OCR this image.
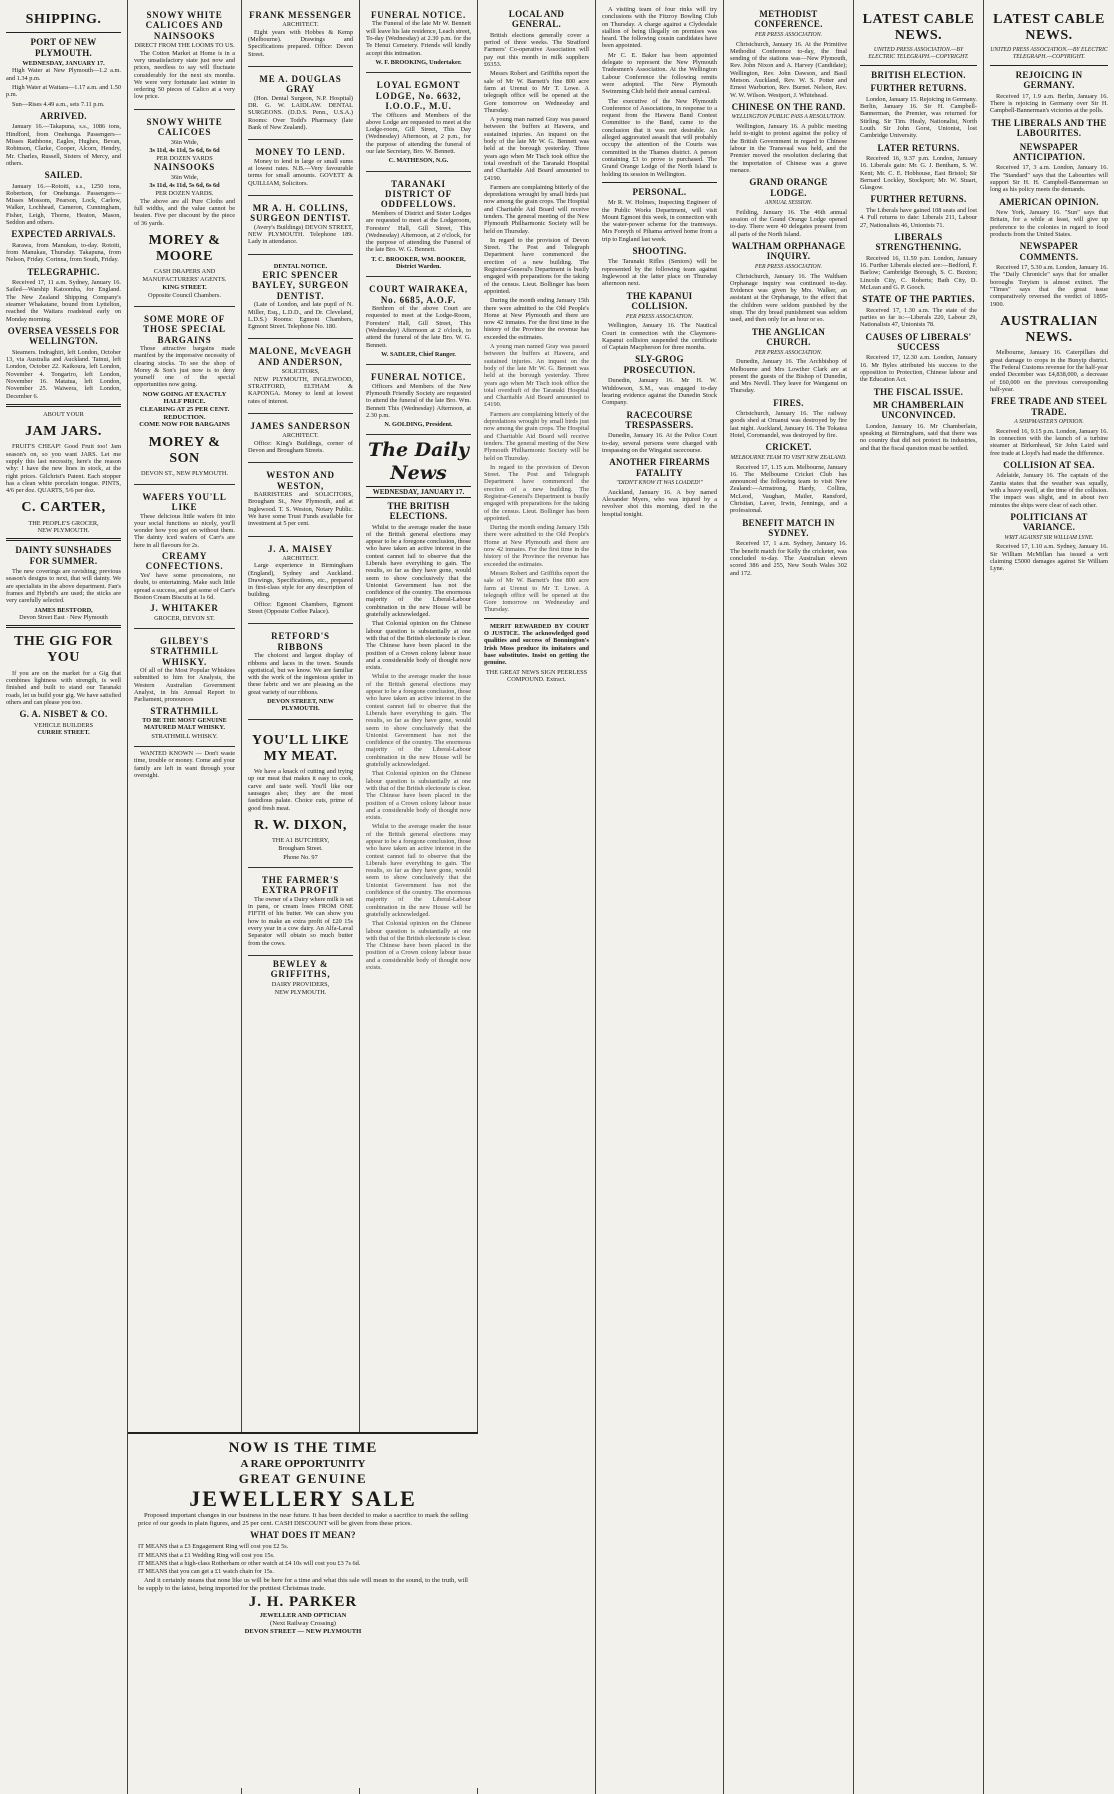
SHIPPING.
PORT OF NEW PLYMOUTH.
WEDNESDAY, JANUARY 17.
High Water at New Plymouth—1.2 a.m. and 1.34 p.m.
High Water at Waitara—1.17 a.m. and 1.50 p.m.
Sun—Rises 4.49 a.m., sets 7.11 p.m.
ARRIVED.
January 16.—Takapuna, s.s., 1086 tons, Hindford, from Onehunga. Passengers—Misses Rathbone, Eagles, Hughes, Bevan, Robinson, Clarke, Cooper, Alcorn, Hendry, Mr. Charles, Russell, Sisters of Mercy, and others.
SAILED.
January 16.—Rotoiti, s.s., 1250 tons, Robertson, for Onehunga. Passengers—Misses Mossom, Pearson, Lock, Carlow, Walker, Lochhead, Cameron, Cunningham, Fisher, Leigh, Thorne, Heaton, Mason, Seddon and others.
EXPECTED ARRIVALS.
Rarawa, from Manukau, to-day. Rotoiti, from Manukau, Thursday. Takapuna, from Nelson, Friday. Corinna, from South, Friday.
TELEGRAPHIC.
Received 17, 11 a.m. Sydney, January 16. Sailed—Warship Katoomba, for England. The New Zealand Shipping Company's steamer Whakatane, bound from Lyttelton, reached the Waitara roadstead early on Monday morning.
OVERSEA VESSELS FOR WELLINGTON.
Steamers. Indraghiri, left London, October 13, via Australia and Auckland. Tainui, left London, October 22. Kaikoura, left London, November 4. Tongariro, left London, November 16. Matatua, left London, November 25. Waiwera, left London, December 6.
ABOUT YOUR
JAM JARS.
FRUIT'S CHEAP! Good Fruit too! Jam season's on, so you want JARS. Let me supply this last necessity, here's the reason why: I have the new lines in stock, at the right prices. Gilchrist's Patent. Each stopper has a clean white porcelain tongue. PINTS, 4/6 per doz. QUARTS, 5/6 per doz.
C. CARTER,
THE PEOPLE'S GROCER,
NEW PLYMOUTH.
DAINTY SUNSHADES FOR SUMMER.
The new coverings are ravishing; previous season's designs to next, that will dainty. We are specialists in the above department. Fan's frames and Hybrid's are used; the sticks are very carefully selected.
JAMES BESTFORD,
Devon Street East · New Plymouth
THE GIG FOR YOU
If you are on the market for a Gig that combines lightness with strength, is well finished and built to stand our Taranaki roads, let us build your gig. We have satisfied others and can please you too.
G. A. NISBET & CO.
VEHICLE BUILDERS
CURRIE STREET.
SNOWY WHITE CALICOES AND NAINSOOKS
DIRECT FROM THE LOOMS TO US.
The Cotton Market at Home is in a very unsatisfactory state just now and prices, needless to say will fluctuate considerably for the next six months. We were very fortunate last winter in ordering 50 pieces of Calico at a very low price.
SNOWY WHITE CALICOES
36in Wide,
3s 11d, 4s 11d, 5s 6d, 6s 6d
PER DOZEN YARDS
NAINSOOKS
36in Wide,
3s 11d, 4s 11d, 5s 6d, 6s 6d
PER DOZEN YARDS.
The above are all Pure Cloths and full widths, and the value cannot be beaten. Five per discount by the piece of 36 yards.
MOREY & MOORE
CASH DRAPERS AND MANUFACTURERS' AGENTS.
KING STREET.
Opposite Council Chambers.
SOME MORE OF THOSE SPECIAL BARGAINS
Those attractive bargains made manifest by the impressive necessity of clearing stocks. To see the shop of Morey & Son's just now is to deny yourself one of the special opportunities now going.
NOW GOING AT EXACTLY HALF PRICE.
CLEARING AT 25 PER CENT. REDUCTION.
COME NOW FOR BARGAINS
MOREY & SON
DEVON ST., NEW PLYMOUTH.
WAFERS YOU'LL LIKE
These delicious little wafers fit into your social functions so nicely, you'll wonder how you got on without them. The dainty iced wafers of Carr's are here in all flavours for 2s.
CREAMY CONFECTIONS.
Yes' have some processions, no doubt, to entertaining. Make such little spread a success, and get some of Carr's Boston Cream Biscuits at 1s 6d.
J. WHITAKER
GROCER, DEVON ST.
GILBEY'S STRATHMILL WHISKY.
Of all of the Most Popular Whiskies submitted to him for Analysis, the Western Australian Government Analyst, in his Annual Report to Parliament, pronounces
STRATHMILL
TO BE THE MOST GENUINE MATURED MALT WHISKY.
STRATHMILL WHISKY.
WANTED KNOWN — Don't waste time, trouble or money. Come and your family are left in want through your oversight.
FRANK MESSENGER
ARCHITECT.
Eight years with Hobbes & Kemp (Melbourne). Drawings and Specifications prepared. Office: Devon Street.
ME A. DOUGLAS GRAY
(Hon. Dental Surgeon, N.P. Hospital) DR. G. W. LAIDLAW. DENTAL SURGEONS. (D.D.S. Penn., U.S.A.) Rooms: Over Todd's Pharmacy (late Bank of New Zealand).
MONEY TO LEND.
Money to lend in large or small sums at lowest rates. N.B.—Very favourable terms for small amounts. GOVETT & QUILLIAM, Solicitors.
MR A. H. COLLINS, SURGEON DENTIST.
(Avery's Buildings) DEVON STREET, NEW PLYMOUTH. Telephone 189. Lady in attendance.
DENTAL NOTICE.
ERIC SPENCER BAYLEY, SURGEON DENTIST.
(Late of London, and late pupil of N. Miller, Esq., L.D.D., and Dr. Cleveland, L.D.S.) Rooms: Egmont Chambers, Egmont Street. Telephone No. 180.
MALONE, McVEAGH AND ANDERSON,
SOLICITORS,
NEW PLYMOUTH, INGLEWOOD, STRATFORD, ELTHAM & KAPONGA. Money to lend at lowest rates of interest.
JAMES SANDERSON
ARCHITECT.
Office: King's Buildings, corner of Devon and Brougham Streets.
WESTON AND WESTON,
BARRISTERS and SOLICITORS, Brougham St., New Plymouth, and at Inglewood. T. S. Weston, Notary Public. We have some Trust Funds available for investment at 5 per cent.
J. A. MAISEY
ARCHITECT.
Large experience in Birmingham (England), Sydney and Auckland. Drawings, Specifications, etc., prepared in first-class style for any description of building.
Office: Egmont Chambers, Egmont Street (Opposite Coffee Palace).
RETFORD'S RIBBONS
The choicest and largest display of ribbons and laces in the town. Sounds egotistical, but we know. We are familiar with the work of the ingenious spider in these fabric and we are pleasing as the great variety of our ribbons.
DEVON STREET, NEW PLYMOUTH.
YOU'LL LIKE MY MEAT.
We have a knack of cutting and trying up our meat that makes it easy to cook, carve and taste well. You'll like our sausages also; they are the most fastidious palate. Choice cuts, prime of good fresh meat.
R. W. DIXON,
THE A1 BUTCHERY,
Brougham Street.
Phone No. 97
THE FARMER'S EXTRA PROFIT
The owner of a Dairy where milk is set in pans, or cream loses FROM ONE FIFTH of his butter. We can show you how to make an extra profit of £20 15s every year in a cow dairy. An Alfa-Laval Separator will obtain so much butter from the cows.
BEWLEY & GRIFFITHS,
DAIRY PROVIDERS,
NEW PLYMOUTH.
FUNERAL NOTICE.
The Funeral of the late Mr W. Bennett will leave his late residence, Leach street, To-day (Wednesday) at 2.30 p.m. for the Te Henui Cemetery. Friends will kindly accept this intimation.
W. F. BROOKING, Undertaker.
LOYAL EGMONT LODGE, No. 6632, I.O.O.F., M.U.
The Officers and Members of the above Lodge are requested to meet at the Lodge-room, Gill Street, This Day (Wednesday) Afternoon, at 2 p.m., for the purpose of attending the funeral of our late Secretary, Bro. W. Bennett.
C. MATHESON, N.G.
TARANAKI DISTRICT OF ODDFELLOWS.
Members of District and Sister Lodges are requested to meet at the Lodgeroom, Foresters' Hall, Gill Street, This (Wednesday) Afternoon, at 2 o'clock, for the purpose of attending the Funeral of the late Bro. W. G. Bennett.
T. C. BROOKER, WM. BOOKER, District Warden.
COURT WAIRAKEA, No. 6685, A.O.F.
Brethren of the above Court are requested to meet at the Lodge-Room, Foresters' Hall, Gill Street, This (Wednesday) Afternoon at 2 o'clock, to attend the funeral of the late Bro. W. G. Bennett.
W. SADLER, Chief Ranger.
FUNERAL NOTICE.
Officers and Members of the New Plymouth Friendly Society are requested to attend the funeral of the late Bro. Wm. Bennett This (Wednesday) Afternoon, at 2.30 p.m.
N. GOLDING, President.
The Daily News
WEDNESDAY, JANUARY 17.
THE BRITISH ELECTIONS.
Whilst to the average reader the issue of the British general elections may appear to be a foregone conclusion, those who have taken an active interest in the contest cannot fail to observe that the Liberals have everything to gain. The results, so far as they have gone, would seem to show conclusively that the Unionist Government has not the confidence of the country. The enormous majority of the Liberal-Labour combination in the new House will be gratefully acknowledged.
That Colonial opinion on the Chinese labour question is substantially at one with that of the British electorate is clear. The Chinese have been placed in the position of a Crown colony labour issue and a considerable body of thought now exists.
Whilst to the average reader the issue of the British general elections may appear to be a foregone conclusion, those who have taken an active interest in the contest cannot fail to observe that the Liberals have everything to gain. The results, so far as they have gone, would seem to show conclusively that the Unionist Government has not the confidence of the country. The enormous majority of the Liberal-Labour combination in the new House will be gratefully acknowledged.
That Colonial opinion on the Chinese labour question is substantially at one with that of the British electorate is clear. The Chinese have been placed in the position of a Crown colony labour issue and a considerable body of thought now exists.
Whilst to the average reader the issue of the British general elections may appear to be a foregone conclusion, those who have taken an active interest in the contest cannot fail to observe that the Liberals have everything to gain. The results, so far as they have gone, would seem to show conclusively that the Unionist Government has not the confidence of the country. The enormous majority of the Liberal-Labour combination in the new House will be gratefully acknowledged.
That Colonial opinion on the Chinese labour question is substantially at one with that of the British electorate is clear. The Chinese have been placed in the position of a Crown colony labour issue and a considerable body of thought now exists.
LOCAL AND GENERAL.
British elections generally cover a period of three weeks. The Stratford Farmers' Co-operative Association will pay out this month in milk suppliers £6353.
Messrs Robert and Griffiths report the sale of Mr W. Barnett's fine 800 acre farm at Urenui to Mr T. Lowe. A telegraph office will be opened at the Gore tomorrow on Wednesday and Thursday.
A young man named Gray was passed between the buffers at Hawera, and sustained injuries. An inquest on the body of the late Mr W. G. Bennett was held at the borough yesterday. Three years ago when Mr Tisch took office the total overdraft of the Taranaki Hospital and Charitable Aid Board amounted to £4190.
Farmers are complaining bitterly of the depredations wrought by small birds just now among the grain crops. The Hospital and Charitable Aid Board will receive tenders. The general meeting of the New Plymouth Philharmonic Society will be held on Thursday.
In regard to the provision of Devon Street. The Post and Telegraph Department have commenced the erection of a new building. The Registrar-General's Department is busily engaged with preparations for the taking of the census. Lieut. Bollinger has been appointed.
During the month ending January 15th there were admitted to the Old People's Home at New Plymouth and there are now 42 inmates. For the first time in the history of the Province the revenue has exceeded the estimates.
A young man named Gray was passed between the buffers at Hawera, and sustained injuries. An inquest on the body of the late Mr W. G. Bennett was held at the borough yesterday. Three years ago when Mr Tisch took office the total overdraft of the Taranaki Hospital and Charitable Aid Board amounted to £4190.
Farmers are complaining bitterly of the depredations wrought by small birds just now among the grain crops. The Hospital and Charitable Aid Board will receive tenders. The general meeting of the New Plymouth Philharmonic Society will be held on Thursday.
In regard to the provision of Devon Street. The Post and Telegraph Department have commenced the erection of a new building. The Registrar-General's Department is busily engaged with preparations for the taking of the census. Lieut. Bollinger has been appointed.
During the month ending January 15th there were admitted to the Old People's Home at New Plymouth and there are now 42 inmates. For the first time in the history of the Province the revenue has exceeded the estimates.
Messrs Robert and Griffiths report the sale of Mr W. Barnett's fine 800 acre farm at Urenui to Mr T. Lowe. A telegraph office will be opened at the Gore tomorrow on Wednesday and Thursday.
MERIT REWARDED BY COURT O JUSTICE. The acknowledged good qualities and success of Bonnington's Irish Moss produce its imitators and base substitutes. Insist on getting the genuine.
THE GREAT NEWS SIGN PEERLESS COMPOUND. Extract.
A visiting team of four rinks will try conclusions with the Fitzroy Bowling Club on Thursday. A charge against a Clydesdale stallion of being illegally on premises was heard. The following cousin candidates have been appointed.
Mr C. E. Baker has been appointed delegate to represent the New Plymouth Tradesmen's Association. At the Wellington Labour Conference the following remits were adopted. The New Plymouth Swimming Club held their annual carnival.
The executive of the New Plymouth Conference of Associations, in response to a request from the Hawera Band Contest Committee to the Band, came to the conclusion that it was not desirable. An alleged aggravated assault that will probably occupy the attention of the Courts was committed in the Thames district. A person containing £3 to prove is purchased. The Grand Orange Lodge of the North Island is holding its session in Wellington.
PERSONAL.
Mr R. W. Holmes, Inspecting Engineer of the Public Works Department, will visit Mount Egmont this week, in connection with the water-power scheme for the tramways. Mrs Foreyth of Pihama arrived home from a trip to England last week.
SHOOTING.
The Taranaki Rifles (Seniors) will be represented by the following team against Inglewood at the latter place on Thursday afternoon next.
THE KAPANUI COLLISION.
PER PRESS ASSOCIATION.
Wellington, January 16. The Nautical Court in connection with the Claymore-Kapanui collision suspended the certificate of Captain Macpherson for three months.
SLY-GROG PROSECUTION.
Dunedin, January 16. Mr H. W. Widdowson, S.M., was engaged to-day hearing evidence against the Dunedin Stock Company.
RACECOURSE TRESPASSERS.
Dunedin, January 16. At the Police Court to-day, several persons were charged with trespassing on the Wingatui racecourse.
ANOTHER FIREARMS FATALITY
"DIDN'T KNOW IT WAS LOADED!"
Auckland, January 16. A boy named Alexander Myers, who was injured by a revolver shot this morning, died in the hospital tonight.
METHODIST CONFERENCE.
PER PRESS ASSOCIATION.
Christchurch, January 16. At the Primitive Methodist Conference to-day, the final sending of the stations was—New Plymouth, Rev. John Nixon and A. Harvey (Candidate); Wellington, Rev. John Dawson, and Basil Metson. Auckland, Rev. W. S. Potter and Ernest Warburton, Rev. Burnet. Nelson, Rev. W. W. Wilson. Westport, J. Whitehead.
CHINESE ON THE RAND.
WELLINGTON PUBLIC PASS A RESOLUTION.
Wellington, January 16. A public meeting held to-night to protest against the policy of the British Government in regard to Chinese labour in the Transvaal was held, and the Premier moved the resolution declaring that the importation of Chinese was a grave menace.
GRAND ORANGE LODGE.
ANNUAL SESSION.
Feilding, January 16. The 46th annual session of the Grand Orange Lodge opened to-day. There were 40 delegates present from all parts of the North Island.
WALTHAM ORPHANAGE INQUIRY.
PER PRESS ASSOCIATION.
Christchurch, January 16. The Waltham Orphanage inquiry was continued to-day. Evidence was given by Mrs. Walker, an assistant at the Orphanage, to the effect that the children were seldom punished by the strap. The dry bread punishment was seldom used, and then only for an hour or so.
THE ANGLICAN CHURCH.
PER PRESS ASSOCIATION.
Dunedin, January 16. The Archbishop of Melbourne and Mrs Lowther Clark are at present the guests of the Bishop of Dunedin, and Mrs Nevill. They leave for Wanganui on Thursday.
FIRES.
Christchurch, January 16. The railway goods shed at Oruanui was destroyed by fire last night. Auckland, January 16. The Tokatea Hotel, Coromandel, was destroyed by fire.
CRICKET.
MELBOURNE TEAM TO VISIT NEW ZEALAND.
Received 17, 1.15 a.m. Melbourne, January 16. The Melbourne Cricket Club has announced the following team to visit New Zealand:—Armstrong, Hardy, Collins, McLeod, Vaughan, Mailer, Ransford, Christian, Laver, Irwin, Jennings, and a professional.
BENEFIT MATCH IN SYDNEY.
Received 17, 1 a.m. Sydney, January 16. The benefit match for Kelly the cricketer, was concluded to-day. The Australian eleven scored 386 and 255, New South Wales 302 and 172.
LATEST CABLE NEWS.
UNITED PRESS ASSOCIATION.—BY ELECTRIC TELEGRAPH.—COPYRIGHT.
BRITISH ELECTION.
FURTHER RETURNS.
London, January 15. Rejoicing in Germany. Berlin, January 16. Sir H. Campbell-Bannerman, the Premier, was returned for Stirling. Sir Tim. Healy, Nationalist, North Louth. Sir John Gorst, Unionist, lost Cambridge University.
LATER RETURNS.
Received 16, 9.37 p.m. London, January 16. Liberals gain: Mr. G. J. Bentham, S. W. Kent; Mr. C. E. Hobhouse, East Bristol; Sir Bernard Lockley, Stockport; Mr. W. Stuart, Glasgow.
FURTHER RETURNS.
The Liberals have gained 108 seats and lost 4. Full returns to date: Liberals 211, Labour 27, Nationalists 46, Unionists 71.
LIBERALS STRENGTHENING.
Received 16, 11.59 p.m. London, January 16. Further Liberals elected are:—Bedford, F. Barlow; Cambridge Borough, S. C. Buxton; Lincoln City, C. Roberts; Bath City, D. McLean and G. P. Gooch.
STATE OF THE PARTIES.
Received 17, 1.30 a.m. The state of the parties so far is:—Liberals 220, Labour 29, Nationalists 47, Unionists 78.
CAUSES OF LIBERALS' SUCCESS
Received 17, 12.30 a.m. London, January 16. Mr Byles attributed his success to the opposition to Protection, Chinese labour and the Education Act.
THE FISCAL ISSUE.
MR CHAMBERLAIN UNCONVINCED.
London, January 16. Mr Chamberlain, speaking at Birmingham, said that there was no country that did not protect its industries, and that the fiscal question must be settled.
LATEST CABLE NEWS.
UNITED PRESS ASSOCIATION.—BY ELECTRIC TELEGRAPH.—COPYRIGHT.
REJOICING IN GERMANY.
Received 17, 1.9 a.m. Berlin, January 16. There is rejoicing in Germany over Sir H. Campbell-Bannerman's victories at the polls.
THE LIBERALS AND THE LABOURITES.
NEWSPAPER ANTICIPATION.
Received 17, 3 a.m. London, January 16. The "Standard" says that the Labourites will support Sir H. H. Campbell-Bannerman so long as his policy meets the demands.
AMERICAN OPINION.
New York, January 16. "Sun" says that Britain, for a while at least, will give up preference to the colonies in regard to food products from the United States.
NEWSPAPER COMMENTS.
Received 17, 5.30 a.m. London, January 16. The "Daily Chronicle" says that for smaller boroughs Toryism is almost extinct. The "Times" says that the great issue comparatively reversed the verdict of 1895-1900.
AUSTRALIAN NEWS.
Melbourne, January 16. Caterpillars did great damage to crops in the Bunyip district. The Federal Customs revenue for the half-year ended December was £4,838,000, a decrease of £60,000 on the previous corresponding half-year.
FREE TRADE AND STEEL TRADE.
A SHIPMASTER'S OPINION.
Received 16, 9.15 p.m. London, January 16. In connection with the launch of a turbine steamer at Birkenhead, Sir John Laird said free trade at Lloyd's had made the difference.
COLLISION AT SEA.
Adelaide, January 16. The captain of the Zanita states that the weather was squally, with a heavy swell, at the time of the collision. The impact was slight, and in about two minutes the ships were clear of each other.
POLITICIANS AT VARIANCE.
WRIT AGAINST SIR WILLIAM LYNE.
Received 17, 1.10 a.m. Sydney, January 16. Sir William McMillan has issued a writ claiming £5000 damages against Sir William Lyne.
NOW IS THE TIME
A RARE OPPORTUNITY
GREAT GENUINE
JEWELLERY SALE
Proposed important changes in our business in the near future. It has been decided to make a sacrifice to mark the selling price of our goods in plain figures, and 25 per cent. CASH DISCOUNT will be given from these prices.
WHAT DOES IT MEAN?
IT MEANS that a £3 Engagement Ring will cost you £2 5s.
IT MEANS that a £1 Wedding Ring will cost you 15s.
IT MEANS that a high-class Rotherham or other watch at £4 10s will cost you £3 7s 6d.
IT MEANS that you can get a £1 watch chain for 15s.
And it certainly means that none like us will be here for a time and what this sale will mean to the sound, to the truth, will be supply to the latest, being imported for the prettiest Christmas trade.
J. H. PARKER
JEWELLER AND OPTICIAN
(Next Railway Crossing)
DEVON STREET — NEW PLYMOUTH
